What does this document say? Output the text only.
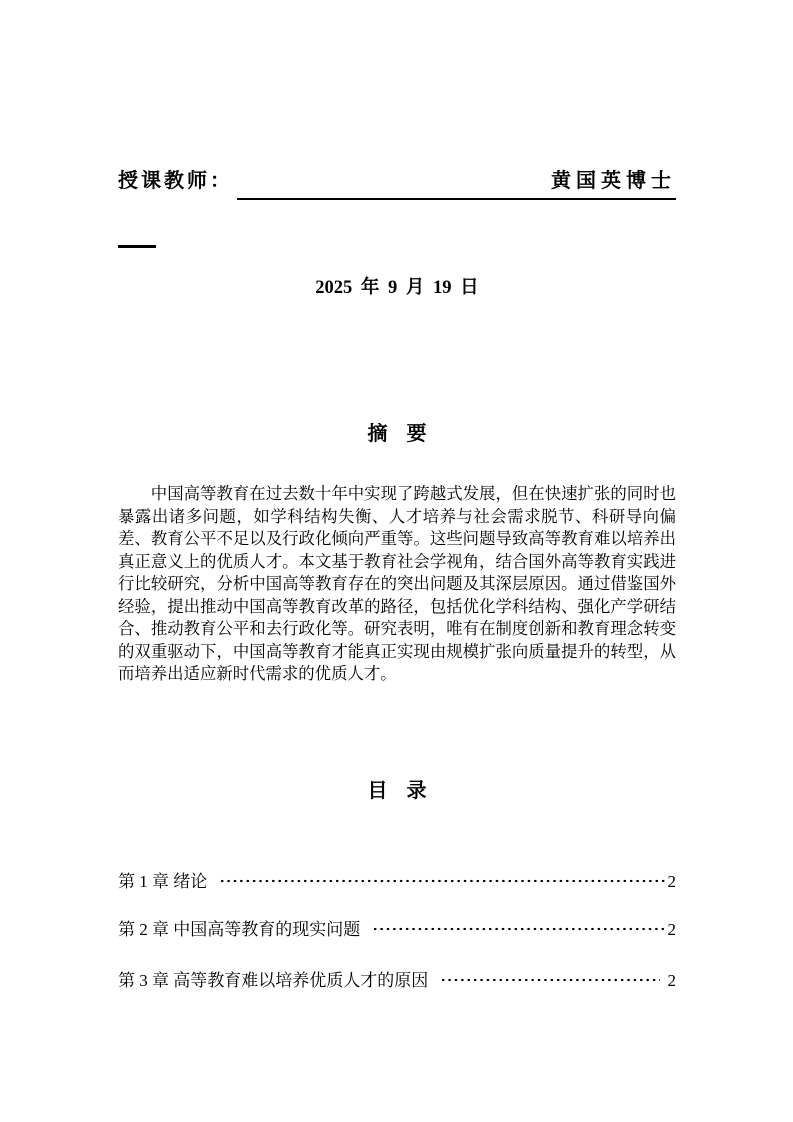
授课教师：	黄国英博士
2025 年 9 月 19 日
摘 要

中国高等教育在过去数十年中实现了跨越式发展，但在快速扩张的同时也暴露出诸多问题，如学科结构失衡、人才培养与社会需求脱节、科研导向偏差、教育公平不足以及行政化倾向严重等。这些问题导致高等教育难以培养出真正意义上的优质人才。本文基于教育社会学视角，结合国外高等教育实践进行比较研究，分析中国高等教育存在的突出问题及其深层原因。通过借鉴国外经验，提出推动中国高等教育改革的路径，包括优化学科结构、强化产学研结合、推动教育公平和去行政化等。研究表明，唯有在制度创新和教育理念转变的双重驱动下，中国高等教育才能真正实现由规模扩张向质量提升的转型，从而培养出适应新时代需求的优质人才。

目 录
第 1 章 绪论	2
第 2 章 中国高等教育的现实问题	2
第 3 章 高等教育难以培养优质人才的原因	2
